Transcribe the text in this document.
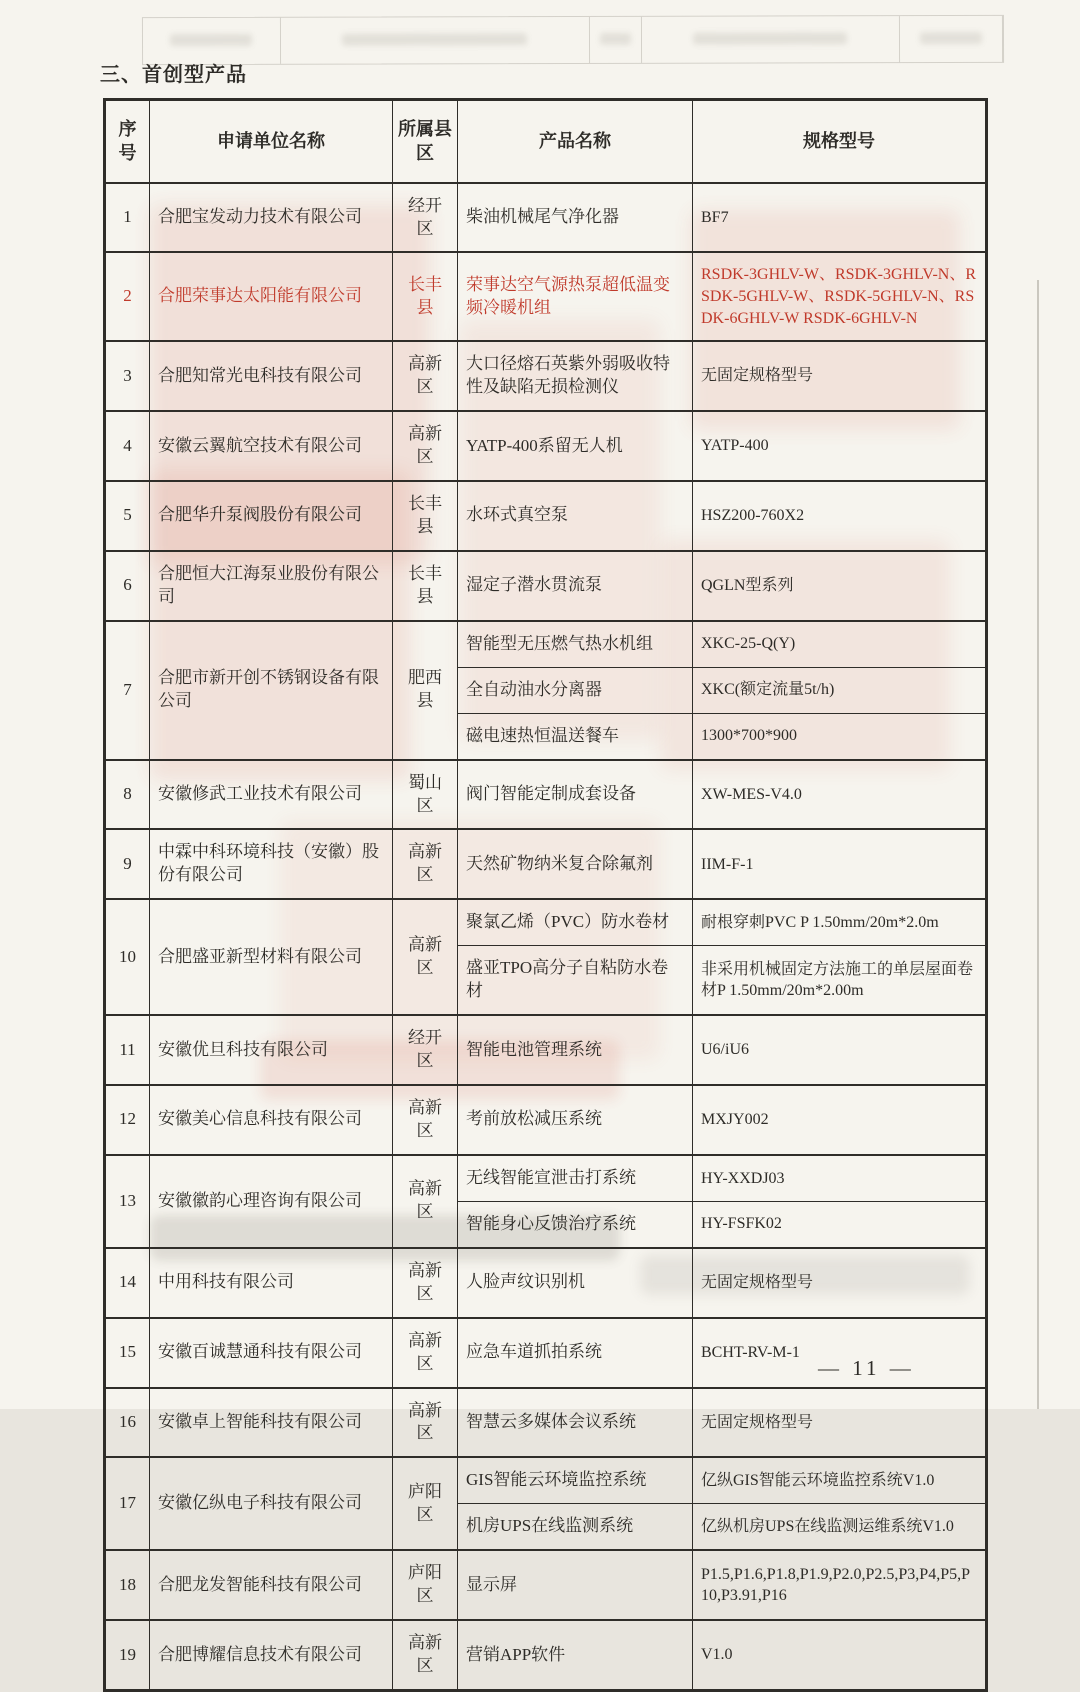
三、首创型产品
序号	申请单位名称	所属县区	产品名称	规格型号
1	合肥宝发动力技术有限公司	经开区	柴油机械尾气净化器	BF7
2	合肥荣事达太阳能有限公司	长丰县	荣事达空气源热泵超低温变频冷暖机组	RSDK-3GHLV-W、RSDK-3GHLV-N、RSDK-5GHLV-W、RSDK-5GHLV-N、RSDK-6GHLV-W RSDK-6GHLV-N
3	合肥知常光电科技有限公司	高新区	大口径熔石英紫外弱吸收特性及缺陷无损检测仪	无固定规格型号
4	安徽云翼航空技术有限公司	高新区	YATP-400系留无人机	YATP-400
5	合肥华升泵阀股份有限公司	长丰县	水环式真空泵	HSZ200-760X2
6	合肥恒大江海泵业股份有限公司	长丰县	湿定子潜水贯流泵	QGLN型系列
7	合肥市新开创不锈钢设备有限公司	肥西县	智能型无压燃气热水机组	XKC-25-Q(Y)
			全自动油水分离器	XKC(额定流量5t/h)
			磁电速热恒温送餐车	1300*700*900
8	安徽修武工业技术有限公司	蜀山区	阀门智能定制成套设备	XW-MES-V4.0
9	中霖中科环境科技（安徽）股份有限公司	高新区	天然矿物纳米复合除氟剂	IIM-F-1
10	合肥盛亚新型材料有限公司	高新区	聚氯乙烯（PVC）防水卷材	耐根穿刺PVC P 1.50mm/20m*2.0m
			盛亚TPO高分子自粘防水卷材	非采用机械固定方法施工的单层屋面卷材P 1.50mm/20m*2.00m
11	安徽优旦科技有限公司	经开区	智能电池管理系统	U6/iU6
12	安徽美心信息科技有限公司	高新区	考前放松减压系统	MXJY002
13	安徽徽韵心理咨询有限公司	高新区	无线智能宣泄击打系统	HY-XXDJ03
			智能身心反馈治疗系统	HY-FSFK02
14	中用科技有限公司	高新区	人脸声纹识别机	无固定规格型号
15	安徽百诚慧通科技有限公司	高新区	应急车道抓拍系统	BCHT-RV-M-1
16	安徽卓上智能科技有限公司	高新区	智慧云多媒体会议系统	无固定规格型号
17	安徽亿纵电子科技有限公司	庐阳区	GIS智能云环境监控系统	亿纵GIS智能云环境监控系统V1.0
			机房UPS在线监测系统	亿纵机房UPS在线监测运维系统V1.0
18	合肥龙发智能科技有限公司	庐阳区	显示屏	P1.5,P1.6,P1.8,P1.9,P2.0,P2.5,P3,P4,P5,P10,P3.91,P16
19	合肥博耀信息技术有限公司	高新区	营销APP软件	V1.0
— 11 —
